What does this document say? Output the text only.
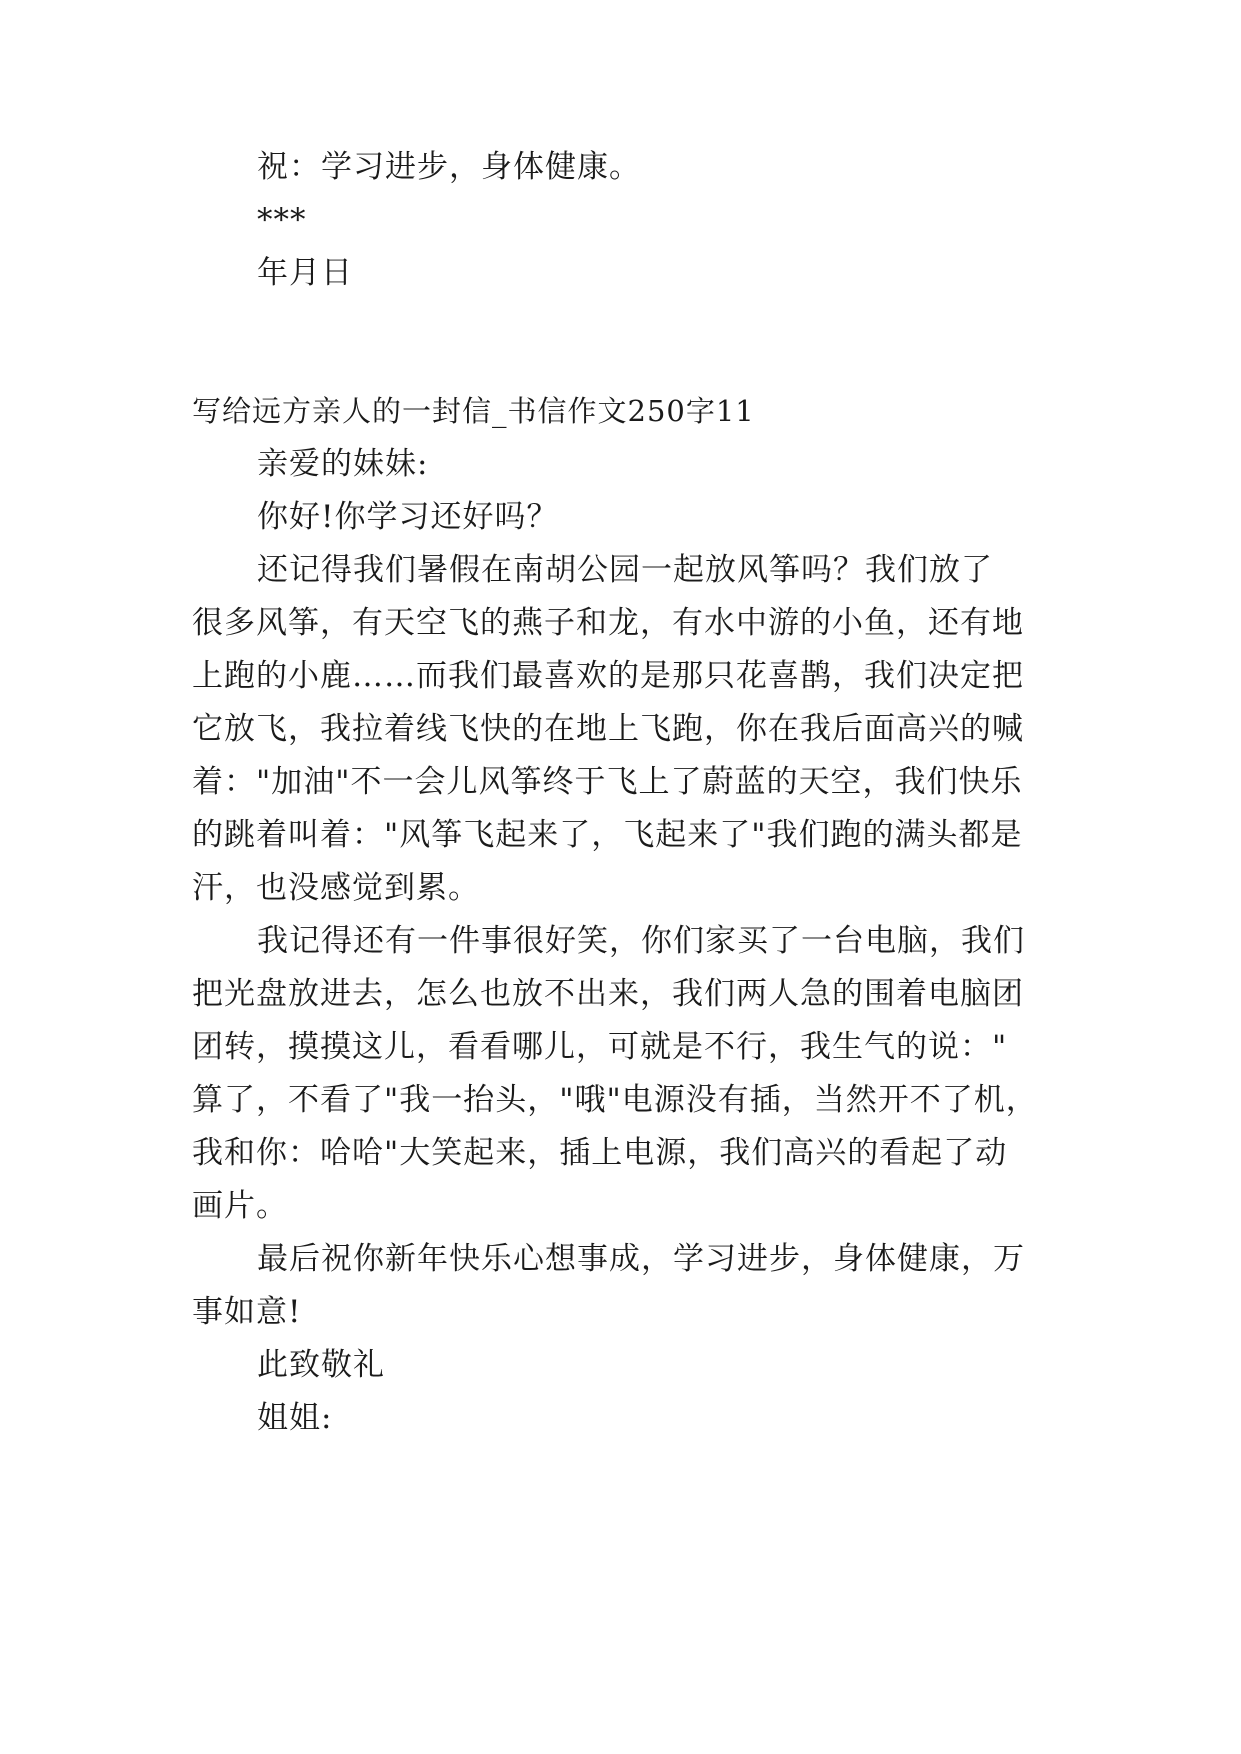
祝：学习进步，身体健康。
***
年月日
写给远方亲人的一封信_书信作文250字11
亲爱的妹妹:
你好!你学习还好吗？
还记得我们暑假在南胡公园一起放风筝吗？我们放了
很多风筝，有天空飞的燕子和龙，有水中游的小鱼，还有地
上跑的小鹿……而我们最喜欢的是那只花喜鹊，我们决定把
它放飞，我拉着线飞快的在地上飞跑，你在我后面高兴的喊
着："加油"不一会儿风筝终于飞上了蔚蓝的天空，我们快乐
的跳着叫着："风筝飞起来了，飞起来了"我们跑的满头都是
汗，也没感觉到累。
我记得还有一件事很好笑，你们家买了一台电脑，我们
把光盘放进去，怎么也放不出来，我们两人急的围着电脑团
团转，摸摸这儿，看看哪儿，可就是不行，我生气的说："
算了，不看了"我一抬头，"哦"电源没有插，当然开不了机，
我和你：哈哈"大笑起来，插上电源，我们高兴的看起了动
画片。
最后祝你新年快乐心想事成，学习进步，身体健康，万
事如意!
此致敬礼
姐姐:
